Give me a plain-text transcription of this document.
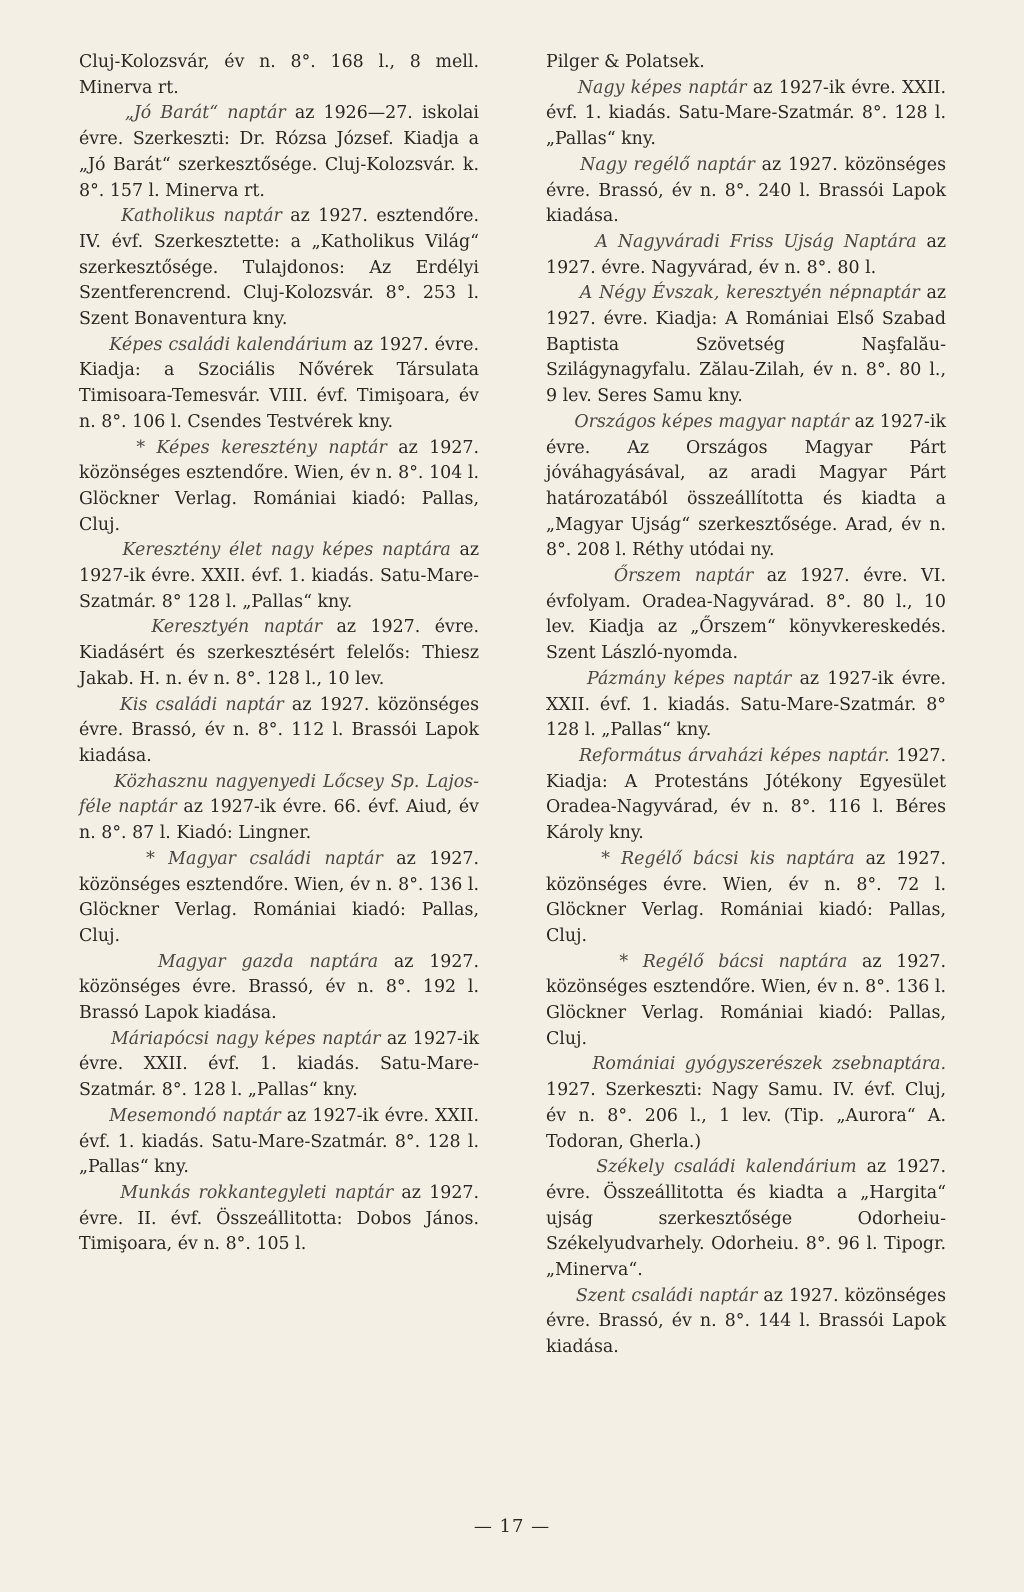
Cluj-Kolozsvár, év n. 8°. 168 l., 8 mell. Minerva rt.

„Jó Barát“ naptár az 1926—27. iskolai évre. Szerkeszti: Dr. Rózsa József. Kiadja a „Jó Barát“ szerkesztősége. Cluj-Kolozsvár. k. 8°. 157 l. Minerva rt.

Katholikus naptár az 1927. esztendőre. IV. évf. Szerkesztette: a „Katholikus Világ“ szerkesztősége. Tulajdonos: Az Erdélyi Szentferencrend. Cluj-Kolozsvár. 8°. 253 l. Szent Bonaventura kny.

Képes családi kalendárium az 1927. évre. Kiadja: a Szociális Nővérek Társulata Timisoara-Temesvár. VIII. évf. Timişoara, év n. 8°. 106 l. Csendes Testvérek kny.

* Képes keresztény naptár az 1927. közönséges esztendőre. Wien, év n. 8°. 104 l. Glöckner Verlag. Romániai kiadó: Pallas, Cluj.

Keresztény élet nagy képes naptára az 1927-ik évre. XXII. évf. 1. kiadás. Satu-Mare-Szatmár. 8° 128 l. „Pallas“ kny.

Keresztyén naptár az 1927. évre. Kiadásért és szerkesztésért felelős: Thiesz Jakab. H. n. év n. 8°. 128 l., 10 lev.

Kis családi naptár az 1927. közönséges évre. Brassó, év n. 8°. 112 l. Brassói Lapok kiadása.

Közhasznu nagyenyedi Lőcsey Sp. Lajos-féle naptár az 1927-ik évre. 66. évf. Aiud, év n. 8°. 87 l. Kiadó: Lingner.

* Magyar családi naptár az 1927. közönséges esztendőre. Wien, év n. 8°. 136 l. Glöckner Verlag. Romániai kiadó: Pallas, Cluj.

Magyar gazda naptára az 1927. közönséges évre. Brassó, év n. 8°. 192 l. Brassó Lapok kiadása.

Máriapócsi nagy képes naptár az 1927-ik évre. XXII. évf. 1. kiadás. Satu-Mare-Szatmár. 8°. 128 l. „Pallas“ kny.

Mesemondó naptár az 1927-ik évre. XXII. évf. 1. kiadás. Satu-Mare-Szatmár. 8°. 128 l. „Pallas“ kny.

Munkás rokkantegyleti naptár az 1927. évre. II. évf. Összeállitotta: Dobos János. Timişoara, év n. 8°. 105 l.

Pilger & Polatsek.

Nagy képes naptár az 1927-ik évre. XXII. évf. 1. kiadás. Satu-Mare-Szatmár. 8°. 128 l. „Pallas“ kny.

Nagy regélő naptár az 1927. közönséges évre. Brassó, év n. 8°. 240 l. Brassói Lapok kiadása.

A Nagyváradi Friss Ujság Naptára az 1927. évre. Nagyvárad, év n. 8°. 80 l.

A Négy Évszak, keresztyén népnaptár az 1927. évre. Kiadja: A Romániai Első Szabad Baptista Szövetség Naşfalău-Szilágynagyfalu. Zălau-Zilah, év n. 8°. 80 l., 9 lev. Seres Samu kny.

Országos képes magyar naptár az 1927-ik évre. Az Országos Magyar Párt jóváhagyásával, az aradi Magyar Párt határozatából összeállította és kiadta a „Magyar Ujság“ szerkesztősége. Arad, év n. 8°. 208 l. Réthy utódai ny.

Őrszem naptár az 1927. évre. VI. évfolyam. Oradea-Nagyvárad. 8°. 80 l., 10 lev. Kiadja az „Őrszem“ könyvkereskedés. Szent László-nyomda.

Pázmány képes naptár az 1927-ik évre. XXII. évf. 1. kiadás. Satu-Mare-Szatmár. 8° 128 l. „Pallas“ kny.

Református árvaházi képes naptár. 1927. Kiadja: A Protestáns Jótékony Egyesület Oradea-Nagyvárad, év n. 8°. 116 l. Béres Károly kny.

* Regélő bácsi kis naptára az 1927. közönséges évre. Wien, év n. 8°. 72 l. Glöckner Verlag. Romániai kiadó: Pallas, Cluj.

* Regélő bácsi naptára az 1927. közönséges esztendőre. Wien, év n. 8°. 136 l. Glöckner Verlag. Romániai kiadó: Pallas, Cluj.

Romániai gyógyszerészek zsebnaptára. 1927. Szerkeszti: Nagy Samu. IV. évf. Cluj, év n. 8°. 206 l., 1 lev. (Tip. „Aurora“ A. Todoran, Gherla.)

Székely családi kalendárium az 1927. évre. Összeállitotta és kiadta a „Hargita“ ujság szerkesztősége Odorheiu-Székelyudvarhely. Odorheiu. 8°. 96 l. Tipogr. „Minerva“.

Szent családi naptár az 1927. közönséges évre. Brassó, év n. 8°. 144 l. Brassói Lapok kiadása.

— 17 —
